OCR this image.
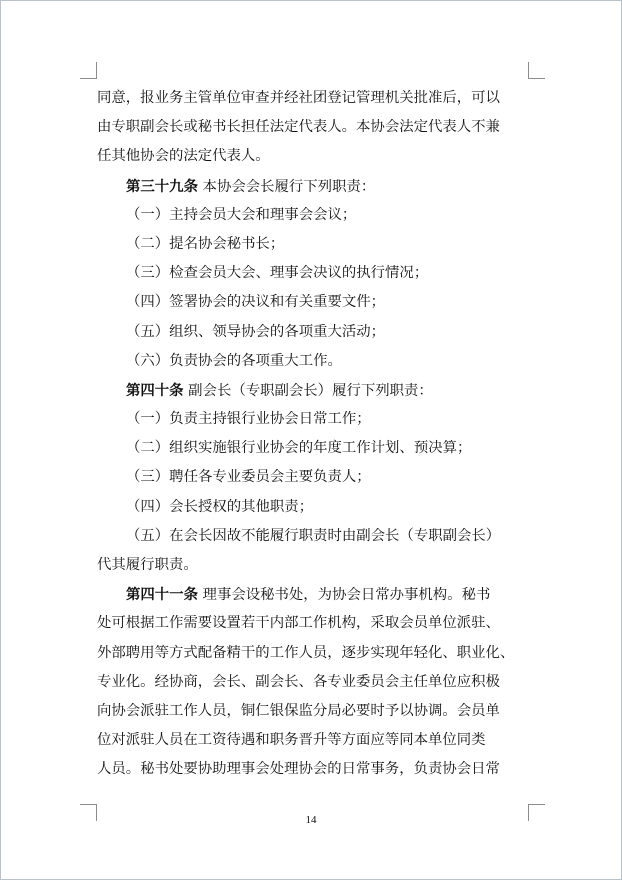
同意，报业务主管单位审查并经社团登记管理机关批准后，可以
由专职副会长或秘书长担任法定代表人。本协会法定代表人不兼
任其他协会的法定代表人。
第三十九条 本协会会长履行下列职责：
（一）主持会员大会和理事会会议；
（二）提名协会秘书长；
（三）检查会员大会、理事会决议的执行情况；
（四）签署协会的决议和有关重要文件；
（五）组织、领导协会的各项重大活动；
（六）负责协会的各项重大工作。
第四十条 副会长（专职副会长）履行下列职责：
（一）负责主持银行业协会日常工作；
（二）组织实施银行业协会的年度工作计划、预决算；
（三）聘任各专业委员会主要负责人；
（四）会长授权的其他职责；
（五）在会长因故不能履行职责时由副会长（专职副会长）
代其履行职责。
第四十一条 理事会设秘书处，为协会日常办事机构。秘书
处可根据工作需要设置若干内部工作机构，采取会员单位派驻、
外部聘用等方式配备精干的工作人员，逐步实现年轻化、职业化、
专业化。经协商，会长、副会长、各专业委员会主任单位应积极
向协会派驻工作人员，铜仁银保监分局必要时予以协调。会员单
位对派驻人员在工资待遇和职务晋升等方面应等同本单位同类
人员。秘书处要协助理事会处理协会的日常事务，负责协会日常
14
